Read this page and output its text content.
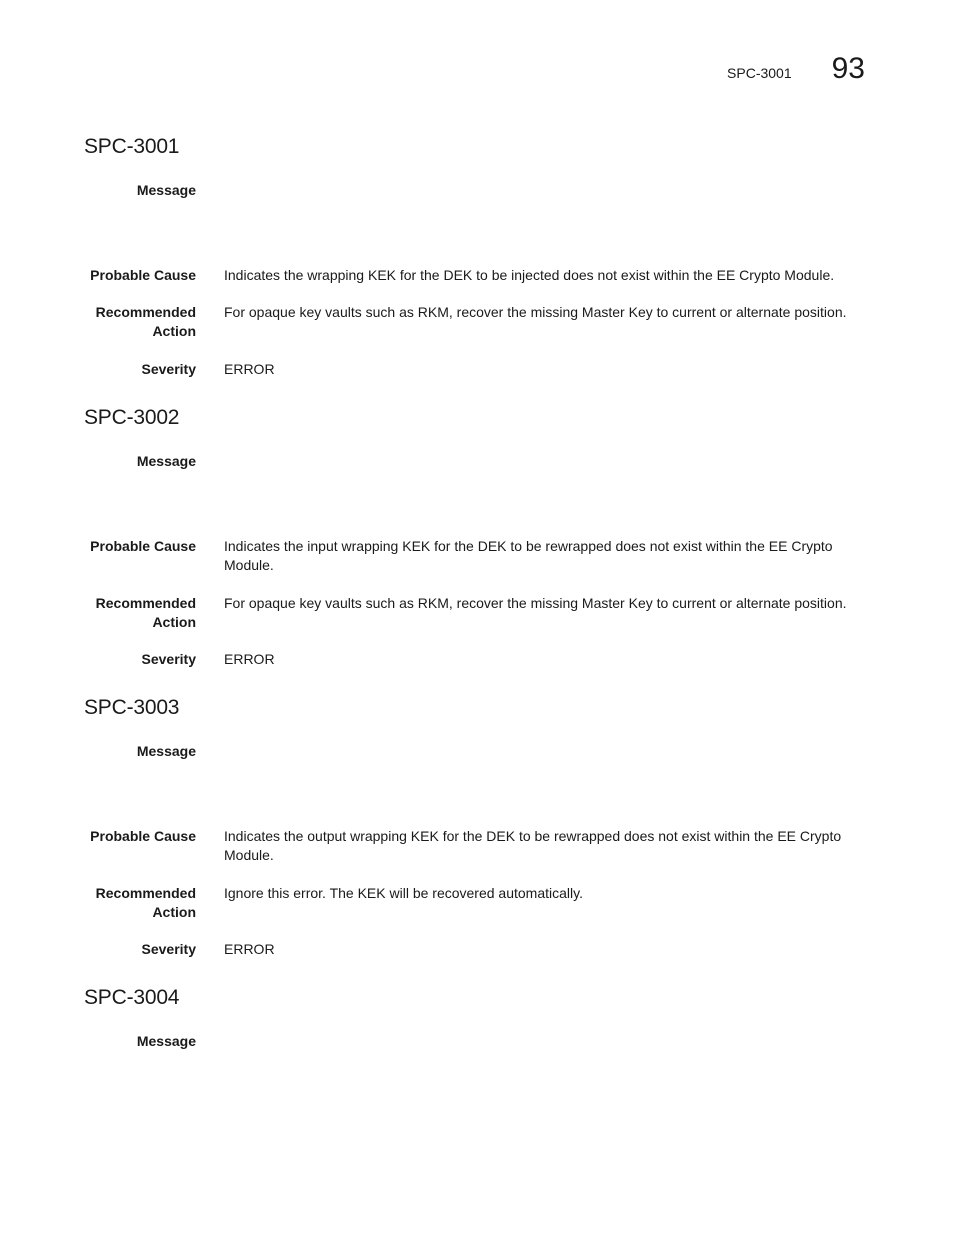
SPC-3001 93
SPC-3001
Message
Probable Cause Indicates the wrapping KEK for the DEK to be injected does not exist within the EE Crypto Module.
Recommended
Action
For opaque key vaults such as RKM, recover the missing Master Key to current or alternate position.
Severity ERROR
SPC-3002
Message
Probable Cause Indicates the input wrapping KEK for the DEK to be rewrapped does not exist within the EE Crypto Module.
Recommended
Action
For opaque key vaults such as RKM, recover the missing Master Key to current or alternate position.
Severity ERROR
SPC-3003
Message
Probable Cause Indicates the output wrapping KEK for the DEK to be rewrapped does not exist within the EE Crypto Module.
Recommended
Action
Ignore this error. The KEK will be recovered automatically.
Severity ERROR
SPC-3004
Message
